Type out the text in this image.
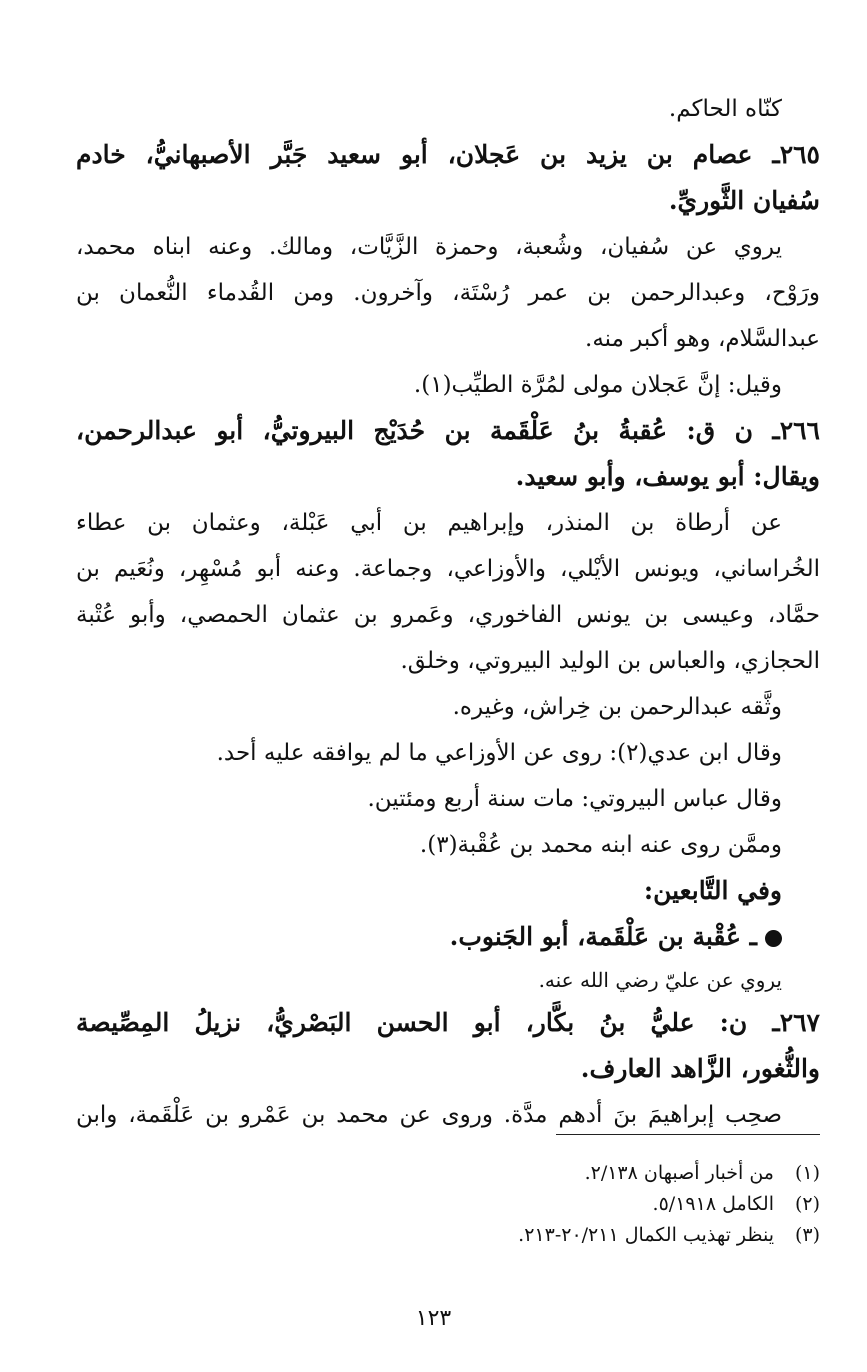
كنّاه الحاكم.
٢٦٥ـ عصام بن يزيد بن عَجلان، أبو سعيد جَبَّر الأصبهانيُّ، خادم
سُفيان الثَّوريِّ.
يروي عن سُفيان، وشُعبة، وحمزة الزَّيَّات، ومالك. وعنه ابناه محمد،
ورَوْح، وعبدالرحمن بن عمر رُسْتَة، وآخرون. ومن القُدماء النُّعمان بن
عبدالسَّلام، وهو أكبر منه.
وقيل: إنَّ عَجلان مولى لمُرَّة الطيِّب(١).
٢٦٦ـ ن ق: عُقبةُ بنُ عَلْقَمة بن حُدَيْج البيروتيُّ، أبو عبدالرحمن،
ويقال: أبو يوسف، وأبو سعيد.
عن أرطاة بن المنذر، وإبراهيم بن أبي عَبْلة، وعثمان بن عطاء
الخُراساني، ويونس الأيْلي، والأوزاعي، وجماعة. وعنه أبو مُسْهِر، ونُعَيم بن
حمَّاد، وعيسى بن يونس الفاخوري، وعَمرو بن عثمان الحمصي، وأبو عُتْبة
الحجازي، والعباس بن الوليد البيروتي، وخلق.
وثَّقه عبدالرحمن بن خِراش، وغيره.
وقال ابن عدي(٢): روى عن الأوزاعي ما لم يوافقه عليه أحد.
وقال عباس البيروتي: مات سنة أربع ومئتين.
وممَّن روى عنه ابنه محمد بن عُقْبة(٣).
وفي التَّابعين:
ـ عُقْبة بن عَلْقَمة، أبو الجَنوب.
يروي عن عليّ رضي الله عنه.
٢٦٧ـ ن: عليُّ بنُ بكَّار، أبو الحسن البَصْريُّ، نزيلُ المِصِّيصة
والثُّغور، الزَّاهد العارف.
صحِب إبراهيمَ بنَ أدهم مدَّة. وروى عن محمد بن عَمْرو بن عَلْقَمة، وابن
(١)من أخبار أصبهان ٢/١٣٨.
(٢)الكامل ٥/١٩١٨.
(٣)ينظر تهذيب الكمال ٢٠/٢١١-٢١٣.
١٢٣
